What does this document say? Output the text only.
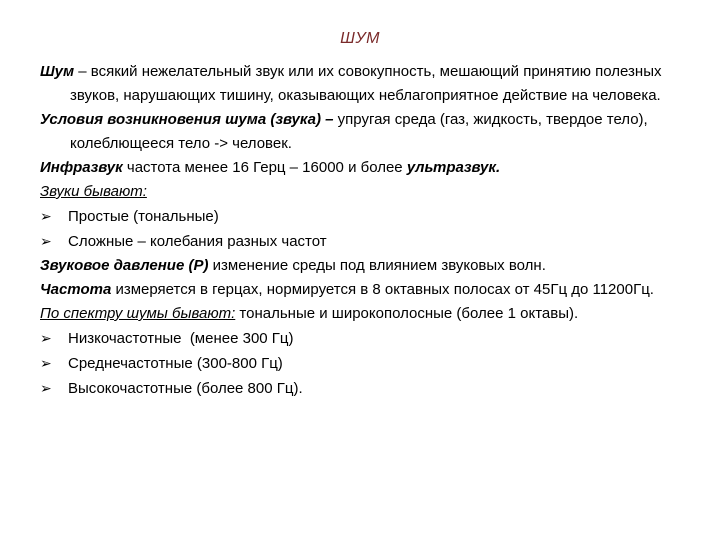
ШУМ

Шум – всякий нежелательный звук или их совокупность, мешающий принятию полезных звуков, нарушающих тишину, оказывающих неблагоприятное действие на человека.

Условия возникновения шума (звука) – упругая среда (газ, жидкость, твердое тело), колеблющееся тело -> человек.

Инфразвук частота менее 16 Герц – 16000 и более ультразвук.

Звуки бывают:

➢	Простые (тональные)
➢	Сложные – колебания разных частот

Звуковое давление (Р) изменение среды под влиянием звуковых волн.

Частота измеряется в герцах, нормируется в 8 октавных полосах от 45Гц до 11200Гц.

По спектру шумы бывают: тональные и широкополосные (более 1 октавы).

➢	Низкочастотные  (менее 300 Гц)
➢	Среднечастотные (300-800 Гц)
➢	Высокочастотные (более 800 Гц).
